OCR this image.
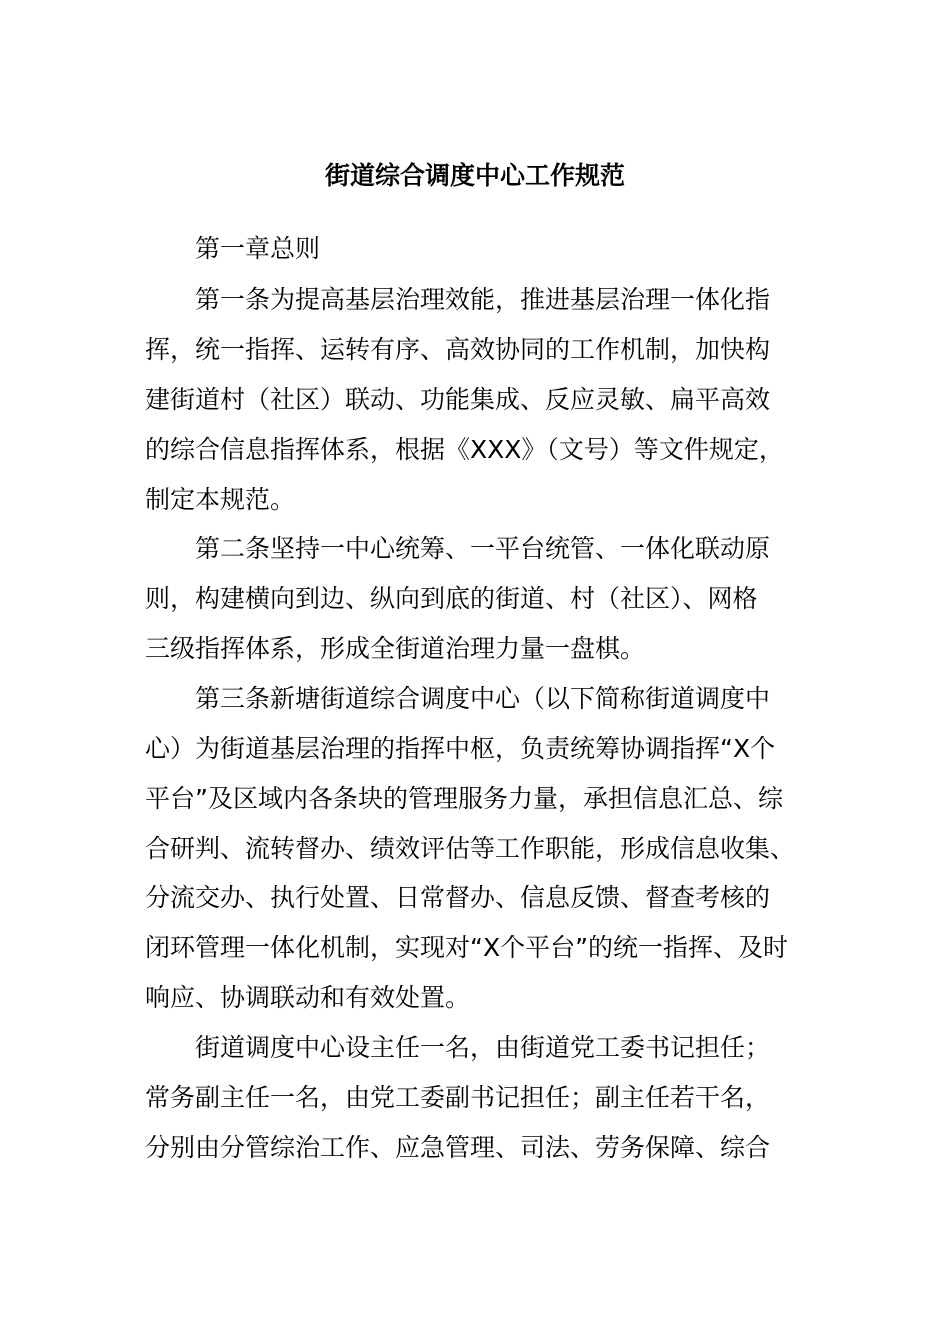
街道综合调度中心工作规范
第一章总则
第一条为提高基层治理效能，推进基层治理一体化指
挥，统一指挥、运转有序、高效协同的工作机制，加快构
建街道村（社区）联动、功能集成、反应灵敏、扁平高效
的综合信息指挥体系，根据《XXX》（文号）等文件规定，
制定本规范。
第二条坚持一中心统筹、一平台统管、一体化联动原
则，构建横向到边、纵向到底的街道、村（社区）、网格
三级指挥体系，形成全街道治理力量一盘棋。
第三条新塘街道综合调度中心（以下简称街道调度中
心）为街道基层治理的指挥中枢，负责统筹协调指挥“X个
平台”及区域内各条块的管理服务力量，承担信息汇总、综
合研判、流转督办、绩效评估等工作职能，形成信息收集、
分流交办、执行处置、日常督办、信息反馈、督查考核的
闭环管理一体化机制，实现对“X个平台”的统一指挥、及时
响应、协调联动和有效处置。
街道调度中心设主任一名，由街道党工委书记担任；
常务副主任一名，由党工委副书记担任；副主任若干名，
分别由分管综治工作、应急管理、司法、劳务保障、综合
